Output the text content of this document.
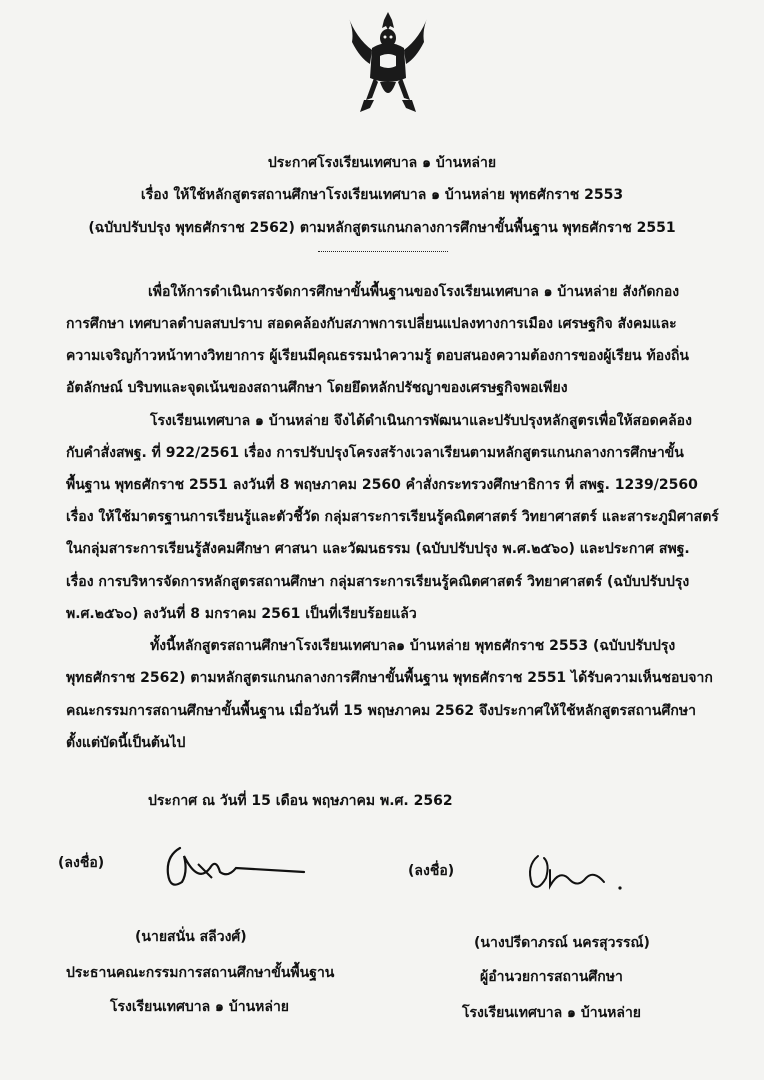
ประกาศโรงเรียนเทศบาล ๑ บ้านหล่าย
เรื่อง ให้ใช้หลักสูตรสถานศึกษาโรงเรียนเทศบาล ๑ บ้านหล่าย พุทธศักราช 2553
(ฉบับปรับปรุง พุทธศักราช 2562) ตามหลักสูตรแกนกลางการศึกษาขั้นพื้นฐาน พุทธศักราช 2551
เพื่อให้การดำเนินการจัดการศึกษาขั้นพื้นฐานของโรงเรียนเทศบาล ๑ บ้านหล่าย สังกัดกอง
การศึกษา เทศบาลตำบลสบปราบ สอดคล้องกับสภาพการเปลี่ยนแปลงทางการเมือง เศรษฐกิจ สังคมและ
ความเจริญก้าวหน้าทางวิทยาการ ผู้เรียนมีคุณธรรมนำความรู้ ตอบสนองความต้องการของผู้เรียน ท้องถิ่น
อัตลักษณ์ บริบทและจุดเน้นของสถานศึกษา โดยยึดหลักปรัชญาของเศรษฐกิจพอเพียง
โรงเรียนเทศบาล ๑ บ้านหล่าย จึงได้ดำเนินการพัฒนาและปรับปรุงหลักสูตรเพื่อให้สอดคล้อง
กับคำสั่งสพฐ. ที่ 922/2561 เรื่อง การปรับปรุงโครงสร้างเวลาเรียนตามหลักสูตรแกนกลางการศึกษาขั้น
พื้นฐาน พุทธศักราช 2551 ลงวันที่ 8 พฤษภาคม 2560 คำสั่งกระทรวงศึกษาธิการ ที่ สพฐ. 1239/2560
เรื่อง ให้ใช้มาตรฐานการเรียนรู้และตัวชี้วัด กลุ่มสาระการเรียนรู้คณิตศาสตร์ วิทยาศาสตร์ และสาระภูมิศาสตร์
ในกลุ่มสาระการเรียนรู้สังคมศึกษา ศาสนา และวัฒนธรรม (ฉบับปรับปรุง พ.ศ.๒๕๖๐) และประกาศ สพฐ.
เรื่อง การบริหารจัดการหลักสูตรสถานศึกษา กลุ่มสาระการเรียนรู้คณิตศาสตร์ วิทยาศาสตร์ (ฉบับปรับปรุง
พ.ศ.๒๕๖๐) ลงวันที่ 8 มกราคม 2561 เป็นที่เรียบร้อยแล้ว
ทั้งนี้หลักสูตรสถานศึกษาโรงเรียนเทศบาล๑ บ้านหล่าย พุทธศักราช 2553 (ฉบับปรับปรุง
พุทธศักราช 2562) ตามหลักสูตรแกนกลางการศึกษาขั้นพื้นฐาน พุทธศักราช 2551 ได้รับความเห็นชอบจาก
คณะกรรมการสถานศึกษาขั้นพื้นฐาน เมื่อวันที่ 15 พฤษภาคม 2562 จึงประกาศให้ใช้หลักสูตรสถานศึกษา
ตั้งแต่บัดนี้เป็นต้นไป
ประกาศ ณ วันที่ 15 เดือน พฤษภาคม พ.ศ. 2562
(ลงชื่อ)	(ลงชื่อ)
(นายสนั่น สลีวงศ์)
ประธานคณะกรรมการสถานศึกษาขั้นพื้นฐาน
โรงเรียนเทศบาล ๑ บ้านหล่าย
(นางปรีดาภรณ์ นครสุวรรณ์)
ผู้อำนวยการสถานศึกษา
โรงเรียนเทศบาล ๑ บ้านหล่าย
